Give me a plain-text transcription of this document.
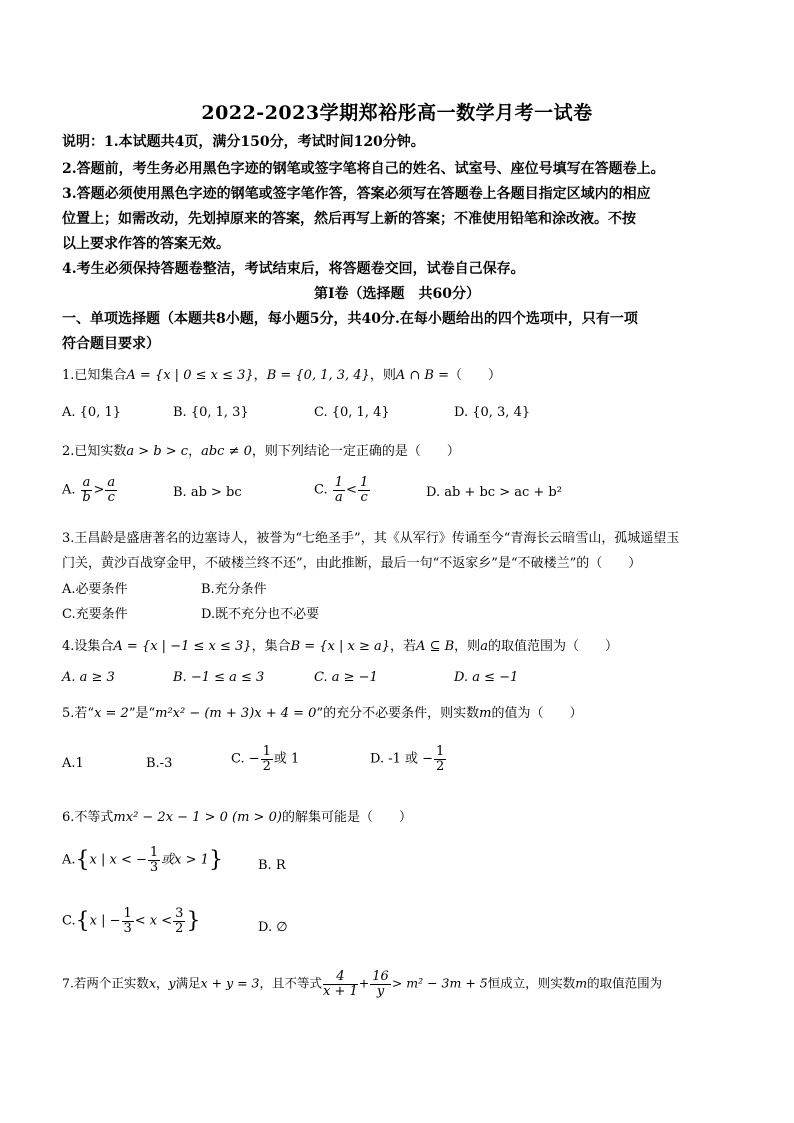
2022-2023学期郑裕彤高一数学月考一试卷
说明：1.本试题共4页，满分150分，考试时间120分钟。
2.答题前，考生务必用黑色字迹的钢笔或签字笔将自己的姓名、试室号、座位号填写在答题卷上。
3.答题必须使用黑色字迹的钢笔或签字笔作答，答案必须写在答题卷上各题目指定区域内的相应
位置上；如需改动，先划掉原来的答案，然后再写上新的答案；不准使用铅笔和涂改液。不按
以上要求作答的答案无效。
4.考生必须保持答题卷整洁，考试结束后，将答题卷交回，试卷自己保存。
第Ⅰ卷（选择题　共60分）
一、单项选择题（本题共8小题，每小题5分，共40分.在每小题给出的四个选项中，只有一项
符合题目要求）
1.已知集合A = {x | 0 ≤ x ≤ 3}，B = {0, 1, 3, 4}，则A ∩ B =（　　）
A. {0, 1}	B. {0, 1, 3}	C. {0, 1, 4}	D. {0, 3, 4}
2.已知实数a > b > c，abc ≠ 0，则下列结论一定正确的是（　　）
A. $\frac{a}{b} > \frac{a}{c}$	B. ab > bc	C. $\frac{1}{a} < \frac{1}{c}$	D. ab + bc > ac + b²
3.王昌龄是盛唐著名的边塞诗人，被誉为“七绝圣手”，其《从军行》传诵至今“青海长云暗雪山，孤城遥望玉
门关，黄沙百战穿金甲，不破楼兰终不还”，由此推断，最后一句“不返家乡”是“不破楼兰”的（　　）
A.必要条件	B.充分条件
C.充要条件	D.既不充分也不必要
4.设集合A = {x | −1 ≤ x ≤ 3}，集合B = {x | x ≥ a}，若A ⊆ B，则a的取值范围为（　　）
A. a ≥ 3	B. −1 ≤ a ≤ 3	C. a ≥ −1	D. a ≤ −1
5.若“x = 2”是“m²x² − (m + 3)x + 4 = 0”的充分不必要条件，则实数m的值为（　　）
A.1	B.-3	C. − $\frac{1}{2}$ 或 1	D. -1 或 − $\frac{1}{2}$
6.不等式mx² − 2x − 1 > 0 (m > 0)的解集可能是（　　）
A.{x | x < − $\frac{1}{3}$ 或x > 1}	B. R
C.{x | − $\frac{1}{3} < x < \frac{3}{2}$ }	D. ∅
7.若两个正实数x，y满足x + y = 3，且不等式 $\frac{4}{x + 1} + \frac{16}{y} > m^2 - 3m + 5$恒成立，则实数m的取值范围为
